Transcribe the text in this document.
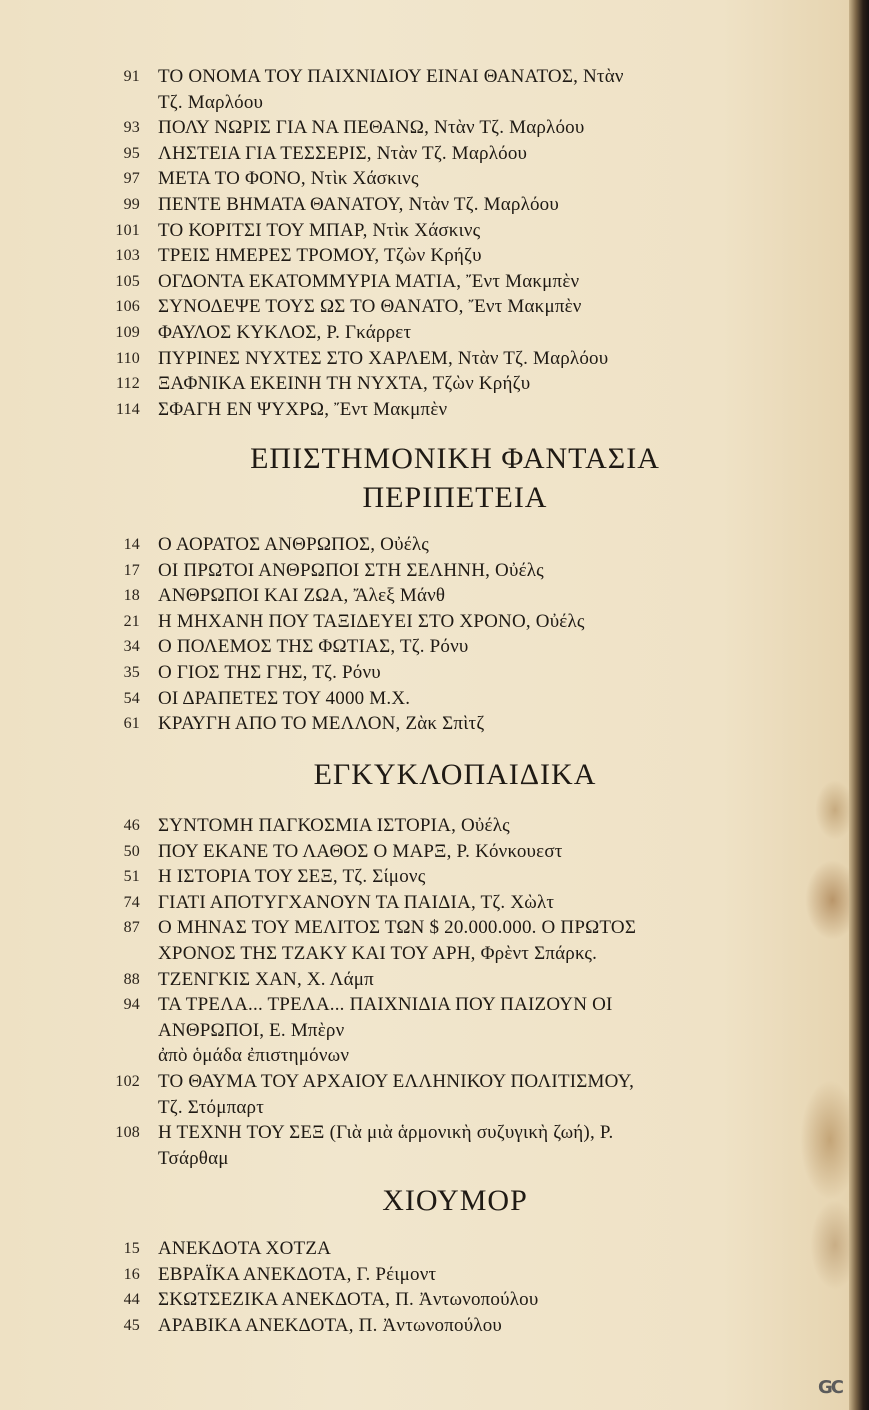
91 ΤΟ ΟΝΟΜΑ ΤΟΥ ΠΑΙΧΝΙΔΙΟΥ ΕΙΝΑΙ ΘΑΝΑΤΟΣ, Ντὰν
Τζ. Μαρλόου
93 ΠΟΛΥ ΝΩΡΙΣ ΓΙΑ ΝΑ ΠΕΘΑΝΩ, Ντὰν Τζ. Μαρλόου
95 ΛΗΣΤΕΙΑ ΓΙΑ ΤΕΣΣΕΡΙΣ, Ντὰν Τζ. Μαρλόου
97 ΜΕΤΑ ΤΟ ΦΟΝΟ, Ντὶκ Χάσκινς
99 ΠΕΝΤΕ ΒΗΜΑΤΑ ΘΑΝΑΤΟΥ, Ντὰν Τζ. Μαρλόου
101 ΤΟ ΚΟΡΙΤΣΙ ΤΟΥ ΜΠΑΡ, Ντὶκ Χάσκινς
103 ΤΡΕΙΣ ΗΜΕΡΕΣ ΤΡΟΜΟΥ, Τζὼν Κρήζυ
105 ΟΓΔΟΝΤΑ ΕΚΑΤΟΜΜΥΡΙΑ ΜΑΤΙΑ, Ἔντ Μακμπὲν
106 ΣΥΝΟΔΕΨΕ ΤΟΥΣ ΩΣ ΤΟ ΘΑΝΑΤΟ, Ἔντ Μακμπὲν
109 ΦΑΥΛΟΣ ΚΥΚΛΟΣ, Ρ. Γκάρρετ
110 ΠΥΡΙΝΕΣ ΝΥΧΤΕΣ ΣΤΟ ΧΑΡΛΕΜ, Ντὰν Τζ. Μαρλόου
112 ΞΑΦΝΙΚΑ ΕΚΕΙΝΗ ΤΗ ΝΥΧΤΑ, Τζὼν Κρήζυ
114 ΣΦΑΓΗ ΕΝ ΨΥΧΡΩ, Ἔντ Μακμπὲν
ΕΠΙΣΤΗΜΟΝΙΚΗ ΦΑΝΤΑΣΙΑ
ΠΕΡΙΠΕΤΕΙΑ
14 Ο ΑΟΡΑΤΟΣ ΑΝΘΡΩΠΟΣ, Οὐέλς
17 ΟΙ ΠΡΩΤΟΙ ΑΝΘΡΩΠΟΙ ΣΤΗ ΣΕΛΗΝΗ, Οὐέλς
18 ΑΝΘΡΩΠΟΙ ΚΑΙ ΖΩΑ, Ἄλεξ Μάνθ
21 Η ΜΗΧΑΝΗ ΠΟΥ ΤΑΞΙΔΕΥΕΙ ΣΤΟ ΧΡΟΝΟ, Οὐέλς
34 Ο ΠΟΛΕΜΟΣ ΤΗΣ ΦΩΤΙΑΣ, Τζ. Ρόνυ
35 Ο ΓΙΟΣ ΤΗΣ ΓΗΣ, Τζ. Ρόνυ
54 ΟΙ ΔΡΑΠΕΤΕΣ ΤΟΥ 4000 Μ.Χ.
61 ΚΡΑΥΓΗ ΑΠΟ ΤΟ ΜΕΛΛΟΝ, Ζὰκ Σπὶτζ
ΕΓΚΥΚΛΟΠΑΙΔΙΚΑ
46 ΣΥΝΤΟΜΗ ΠΑΓΚΟΣΜΙΑ ΙΣΤΟΡΙΑ, Οὐέλς
50 ΠΟΥ ΕΚΑΝΕ ΤΟ ΛΑΘΟΣ Ο ΜΑΡΞ, Ρ. Κόνκουεστ
51 Η ΙΣΤΟΡΙΑ ΤΟΥ ΣΕΞ, Τζ. Σίμονς
74 ΓΙΑΤΙ ΑΠΟΤΥΓΧΑΝΟΥΝ ΤΑ ΠΑΙΔΙΑ, Τζ. Χὼλτ
87 Ο ΜΗΝΑΣ ΤΟΥ ΜΕΛΙΤΟΣ ΤΩΝ $ 20.000.000. Ο ΠΡΩΤΟΣ
ΧΡΟΝΟΣ ΤΗΣ ΤΖΑΚΥ ΚΑΙ ΤΟΥ ΑΡΗ, Φρὲντ Σπάρκς.
88 ΤΖΕΝΓΚΙΣ ΧΑΝ, Χ. Λάμπ
94 ΤΑ ΤΡΕΛΑ... ΤΡΕΛΑ... ΠΑΙΧΝΙΔΙΑ ΠΟΥ ΠΑΙΖΟΥΝ ΟΙ
ΑΝΘΡΩΠΟΙ, Ε. Μπὲρν
ἀπὸ ὁμάδα ἐπιστημόνων
102 ΤΟ ΘΑΥΜΑ ΤΟΥ ΑΡΧΑΙΟΥ ΕΛΛΗΝΙΚΟΥ ΠΟΛΙΤΙΣΜΟΥ,
Τζ. Στόμπαρτ
108 Η ΤΕΧΝΗ ΤΟΥ ΣΕΞ (Γιὰ μιὰ ἁρμονικὴ συζυγικὴ ζωή), Ρ.
Τσάρθαμ
ΧΙΟΥΜΟΡ
15 ΑΝΕΚΔΟΤΑ ΧΟΤΖΑ
16 ΕΒΡΑΪΚΑ ΑΝΕΚΔΟΤΑ, Γ. Ρέιμοντ
44 ΣΚΩΤΣΕΖΙΚΑ ΑΝΕΚΔΟΤΑ, Π. Ἀντωνοπούλου
45 ΑΡΑΒΙΚΑ ΑΝΕΚΔΟΤΑ, Π. Ἀντωνοπούλου
GC
